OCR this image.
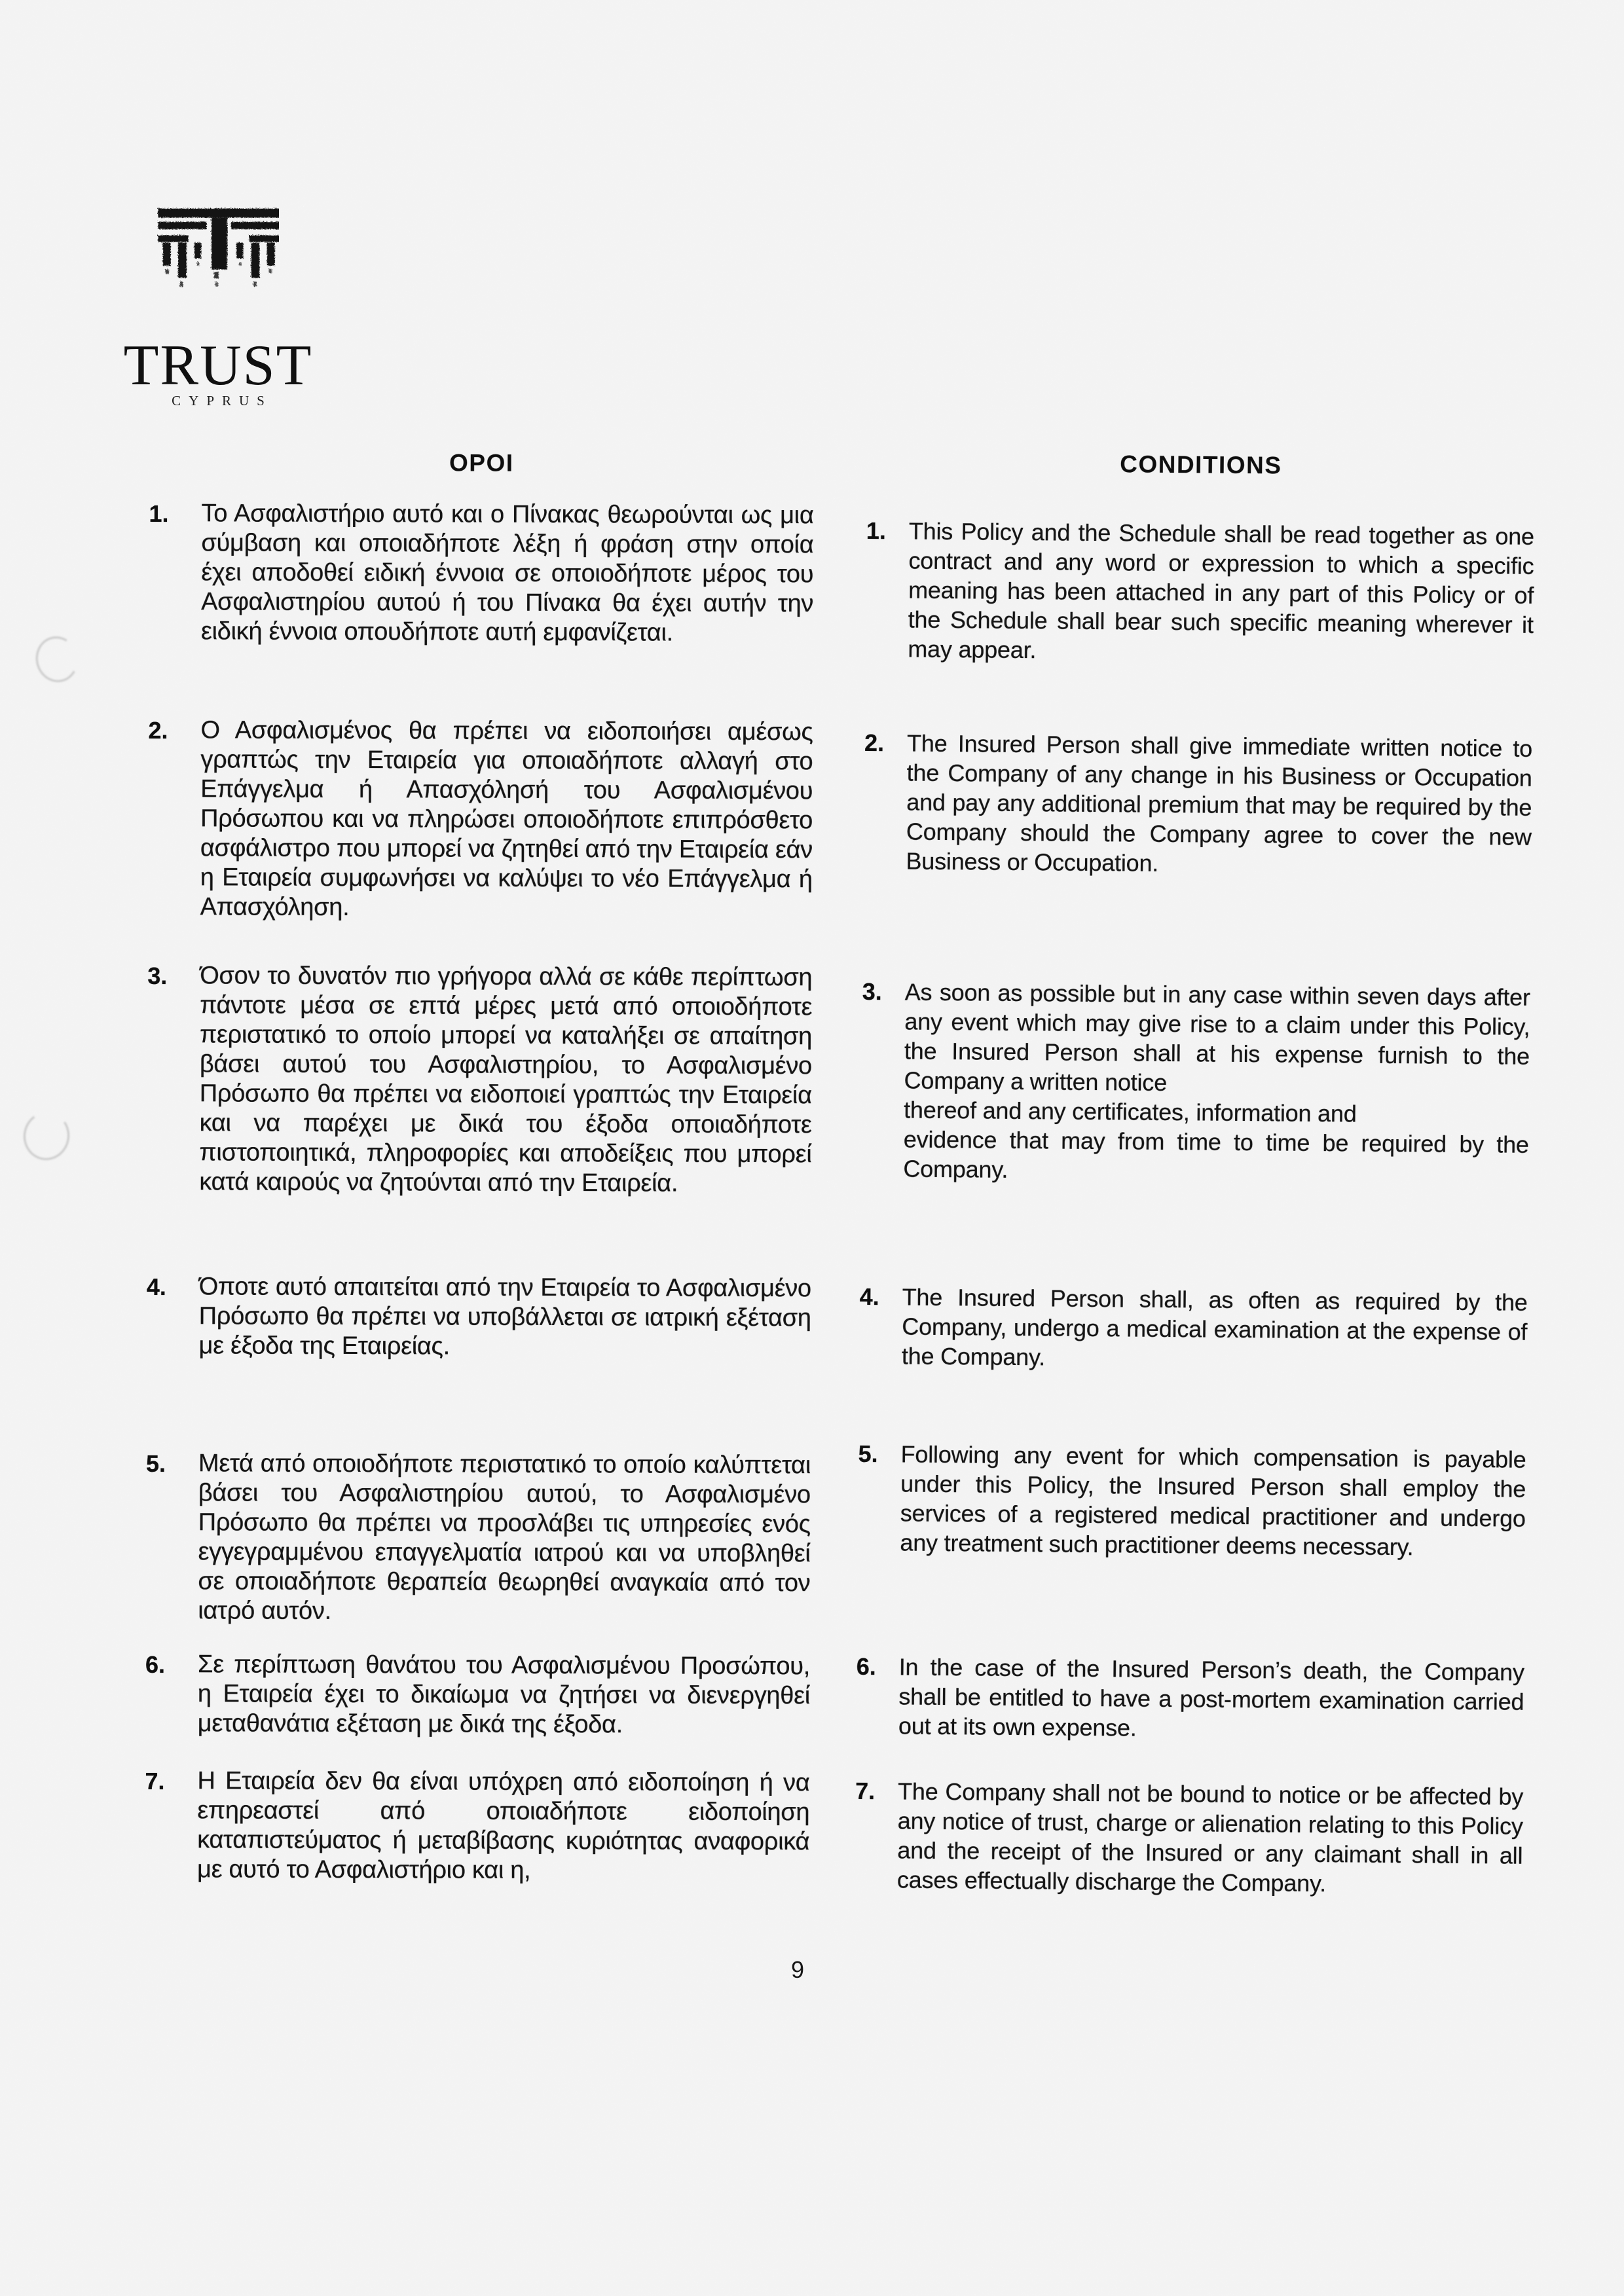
TRUST
CYPRUS
ΟΡΟΙ
1.	Το Ασφαλιστήριο αυτό και ο Πίνακας θεωρούνται ως μια σύμβαση και οποιαδήποτε λέξη ή φράση στην οποία έχει αποδοθεί ειδική έννοια σε οποιοδήποτε μέρος του Ασφαλιστηρίου αυτού ή του Πίνακα θα έχει αυτήν την ειδική έννοια οπουδήποτε αυτή εμφανίζεται.
2.	Ο Ασφαλισμένος θα πρέπει να ειδοποιήσει αμέσως γραπτώς την Εταιρεία για οποιαδήποτε αλλαγή στο Επάγγελμα ή Απασχόλησή του Ασφαλισμένου Πρόσωπου και να πληρώσει οποιοδήποτε επιπρόσθετο ασφάλιστρο που μπορεί να ζητηθεί από την Εταιρεία εάν η Εταιρεία συμφωνήσει να καλύψει το νέο Επάγγελμα ή Απασχόληση.
3.	Όσον το δυνατόν πιο γρήγορα αλλά σε κάθε περίπτωση πάντοτε μέσα σε επτά μέρες μετά από οποιοδήποτε περιστατικό το οποίο μπορεί να καταλήξει σε απαίτηση βάσει αυτού του Ασφαλιστηρίου, το Ασφαλισμένο Πρόσωπο θα πρέπει να ειδοποιεί γραπτώς την Εταιρεία και να παρέχει με δικά του έξοδα οποιαδήποτε πιστοποιητικά, πληροφορίες και αποδείξεις που μπορεί κατά καιρούς να ζητούνται από την Εταιρεία.
4.	Όποτε αυτό απαιτείται από την Εταιρεία το Ασφαλισμένο Πρόσωπο θα πρέπει να υποβάλλεται σε ιατρική εξέταση με έξοδα της Εταιρείας.
5.	Μετά από οποιοδήποτε περιστατικό το οποίο καλύπτεται βάσει του Ασφαλιστηρίου αυτού, το Ασφαλισμένο Πρόσωπο θα πρέπει να προσλάβει τις υπηρεσίες ενός εγγεγραμμένου επαγγελματία ιατρού και να υποβληθεί σε οποιαδήποτε θεραπεία θεωρηθεί αναγκαία από τον ιατρό αυτόν.
6.	Σε περίπτωση θανάτου του Ασφαλισμένου Προσώπου, η Εταιρεία έχει το δικαίωμα να ζητήσει να διενεργηθεί μεταθανάτια εξέταση με δικά της έξοδα.
7.	Η Εταιρεία δεν θα είναι υπόχρεη από ειδοποίηση ή να επηρεαστεί από οποιαδήποτε ειδοποίηση καταπιστεύματος ή μεταβίβασης κυριότητας αναφορικά με αυτό το Ασφαλιστήριο και η,
CONDITIONS
1. This Policy and the Schedule shall be read together as one contract and any word or expression to which a specific meaning has been attached in any part of this Policy or of the Schedule shall bear such specific meaning wherever it may appear.
2. The Insured Person shall give immediate written notice to the Company of any change in his Business or Occupation and pay any additional premium that may be required by the Company should the Company agree to cover the new Business or Occupation.
3. As soon as possible but in any case within seven days after any event which may give rise to a claim under this Policy, the Insured Person shall at his expense furnish to the Company a written notice
thereof and any certificates, information and
evidence that may from time to time be required by the Company.
4. The Insured Person shall, as often as required by the Company, undergo a medical examination at the expense of the Company.
5. Following any event for which compensation is payable under this Policy, the Insured Person shall employ the services of a registered medical practitioner and undergo any treatment such practitioner deems necessary.
6. In the case of the Insured Person’s death, the Company shall be entitled to have a post-mortem examination carried out at its own expense.
7. The Company shall not be bound to notice or be affected by any notice of trust, charge or alienation relating to this Policy and the receipt of the Insured or any claimant shall in all cases effectually discharge the Company.
9
